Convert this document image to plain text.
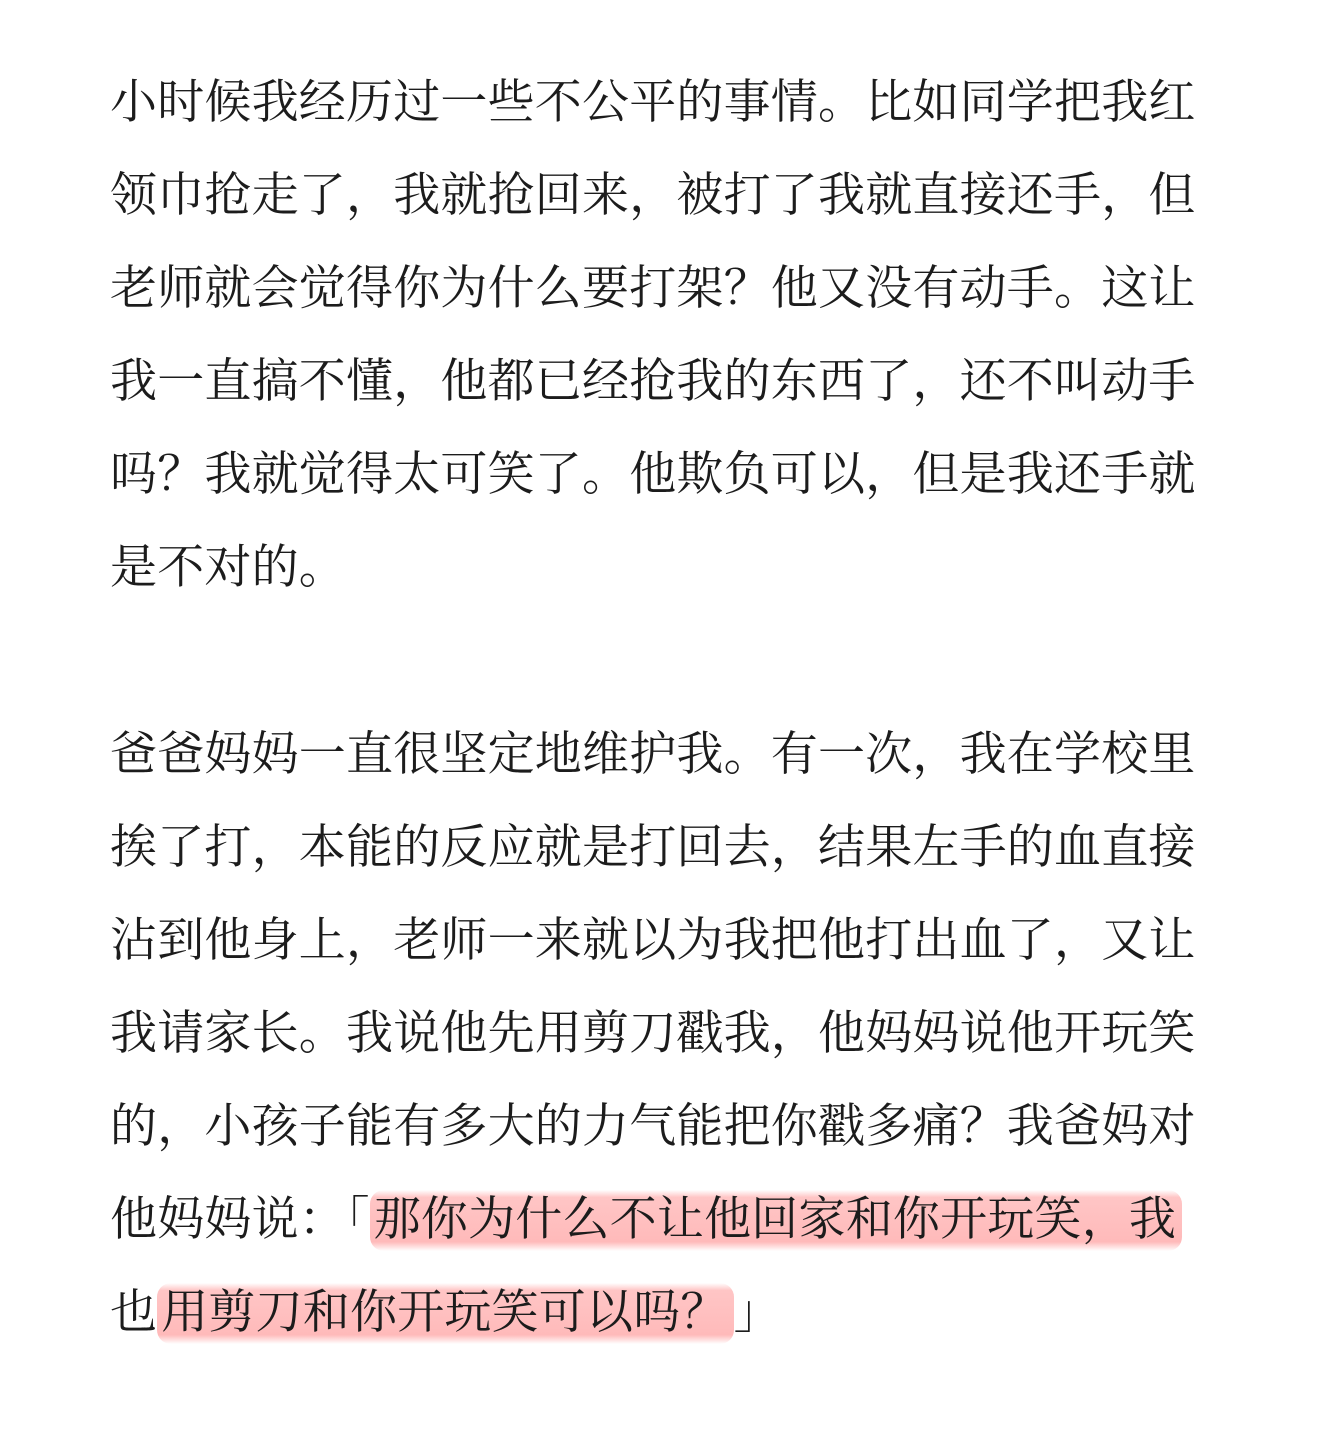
小时候我经历过一些不公平的事情。比如同学把我红
领巾抢走了，我就抢回来，被打了我就直接还手，但
老师就会觉得你为什么要打架？他又没有动手。这让
我一直搞不懂，他都已经抢我的东西了，还不叫动手
吗？我就觉得太可笑了。他欺负可以，但是我还手就
是不对的。

爸爸妈妈一直很坚定地维护我。有一次，我在学校里
挨了打，本能的反应就是打回去，结果左手的血直接
沾到他身上，老师一来就以为我把他打出血了，又让
我请家长。我说他先用剪刀戳我，他妈妈说他开玩笑
的，小孩子能有多大的力气能把你戳多痛？我爸妈对
他妈妈说：「那你为什么不让他回家和你开玩笑，我
也用剪刀和你开玩笑可以吗？ 」
